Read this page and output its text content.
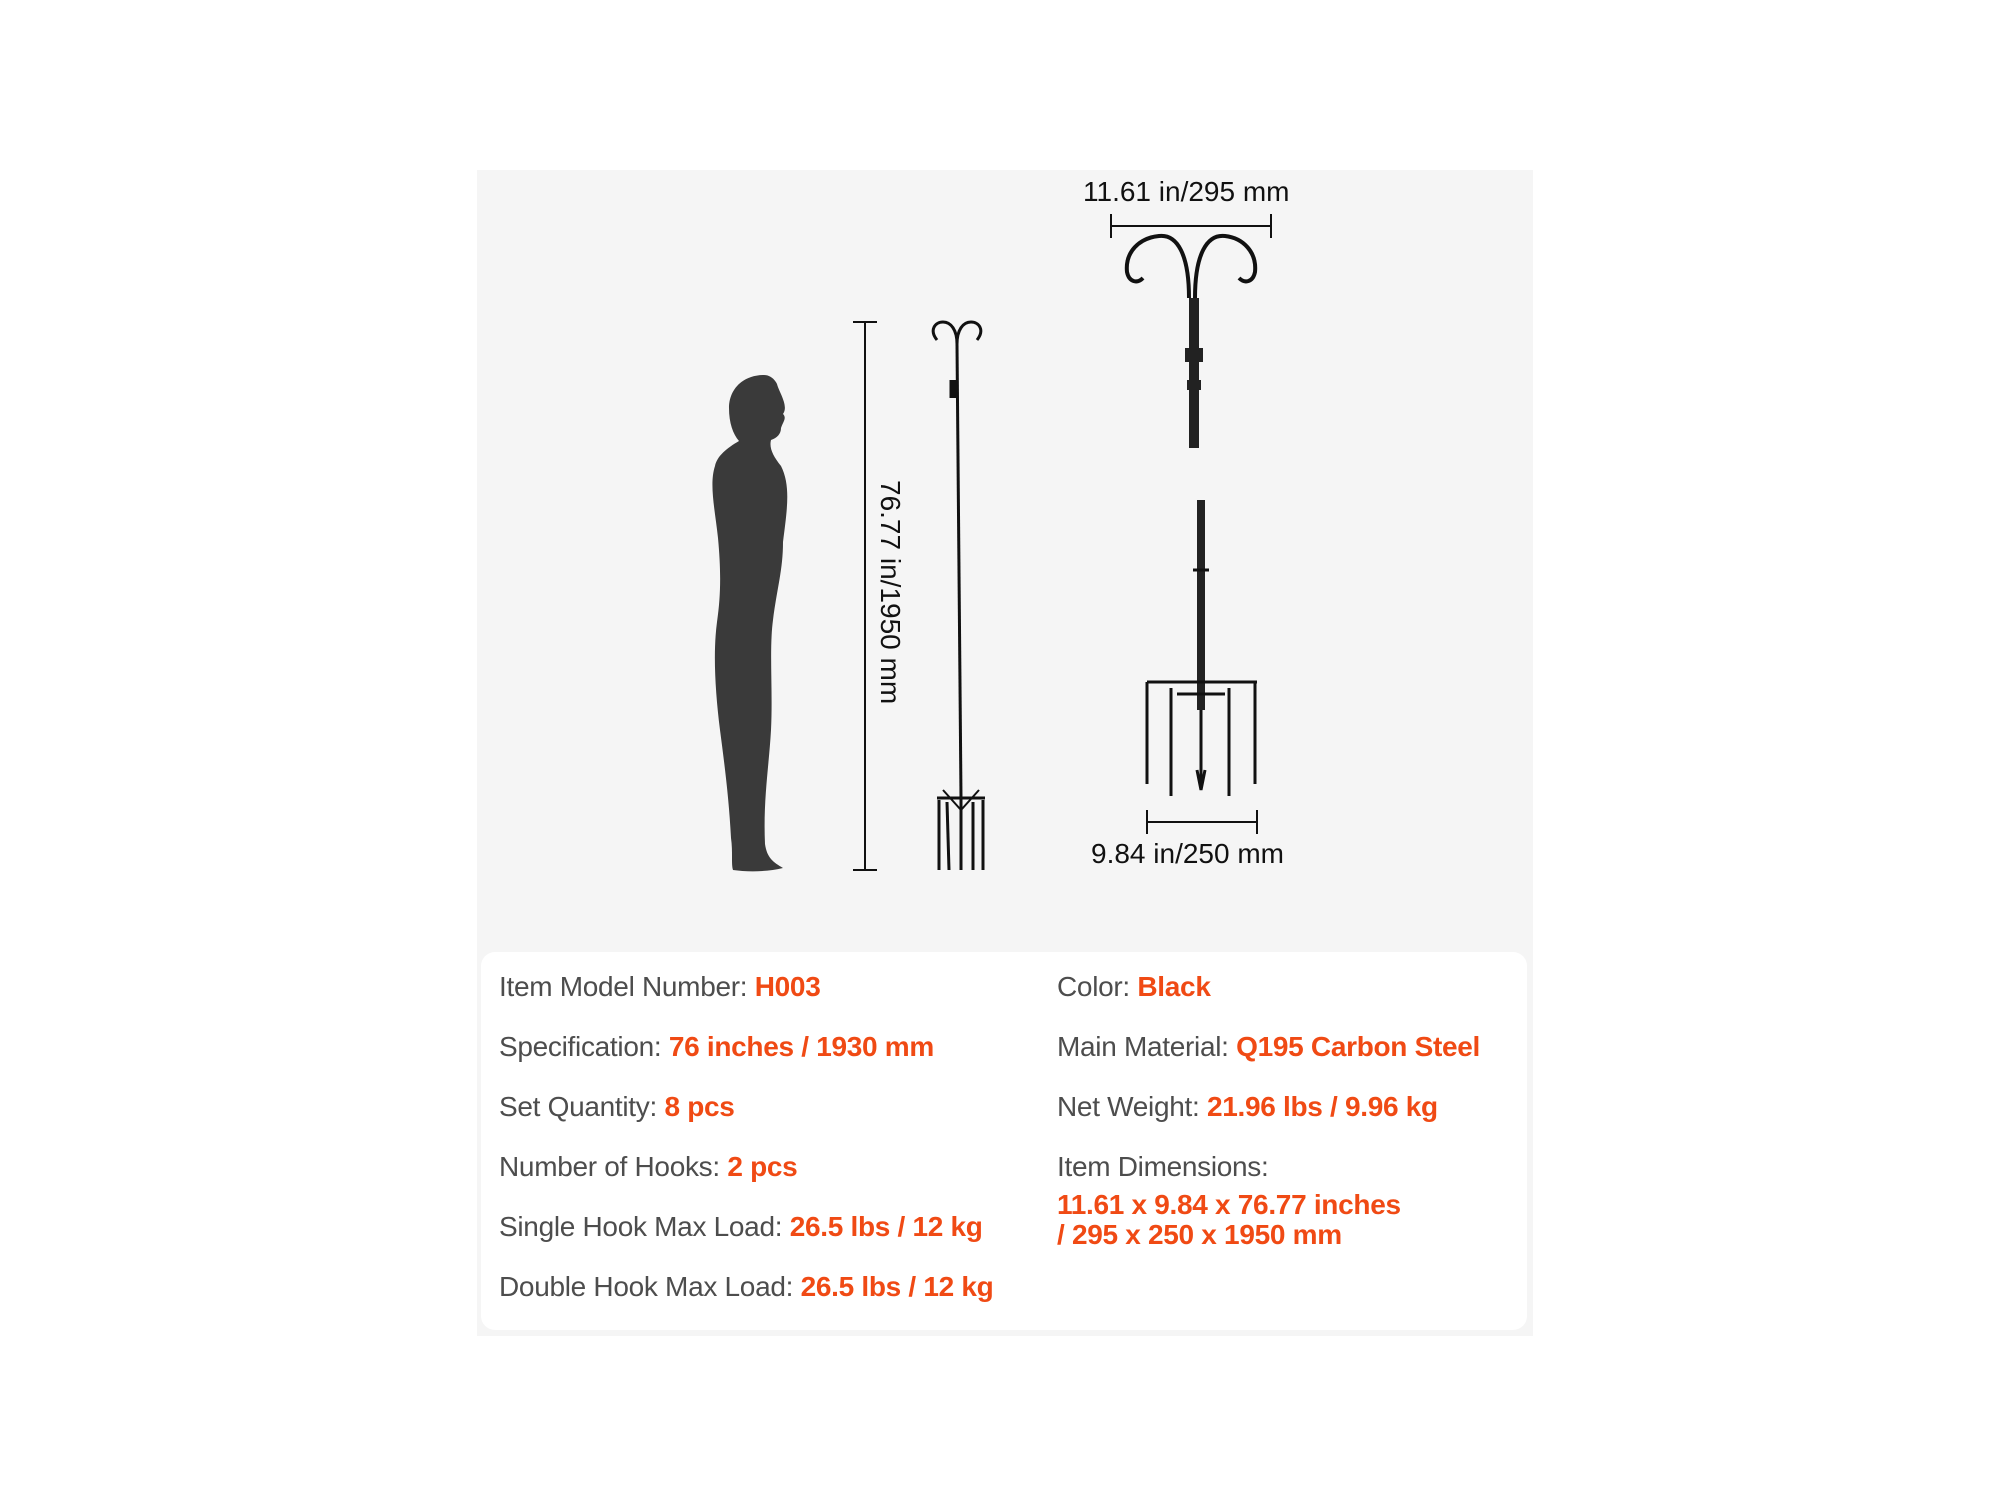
76.77 in/1950 mm
11.61 in/295 mm
9.84 in/250 mm
Item Model Number: H003
Specification: 76 inches / 1930 mm
Set Quantity: 8 pcs
Number of Hooks: 2 pcs
Single Hook Max Load: 26.5 lbs / 12 kg
Double Hook Max Load: 26.5 lbs / 12 kg
Color: Black
Main Material: Q195 Carbon Steel
Net Weight: 21.96 lbs / 9.96 kg
Item Dimensions:
11.61 x 9.84 x 76.77 inches
/ 295 x 250 x 1950 mm
